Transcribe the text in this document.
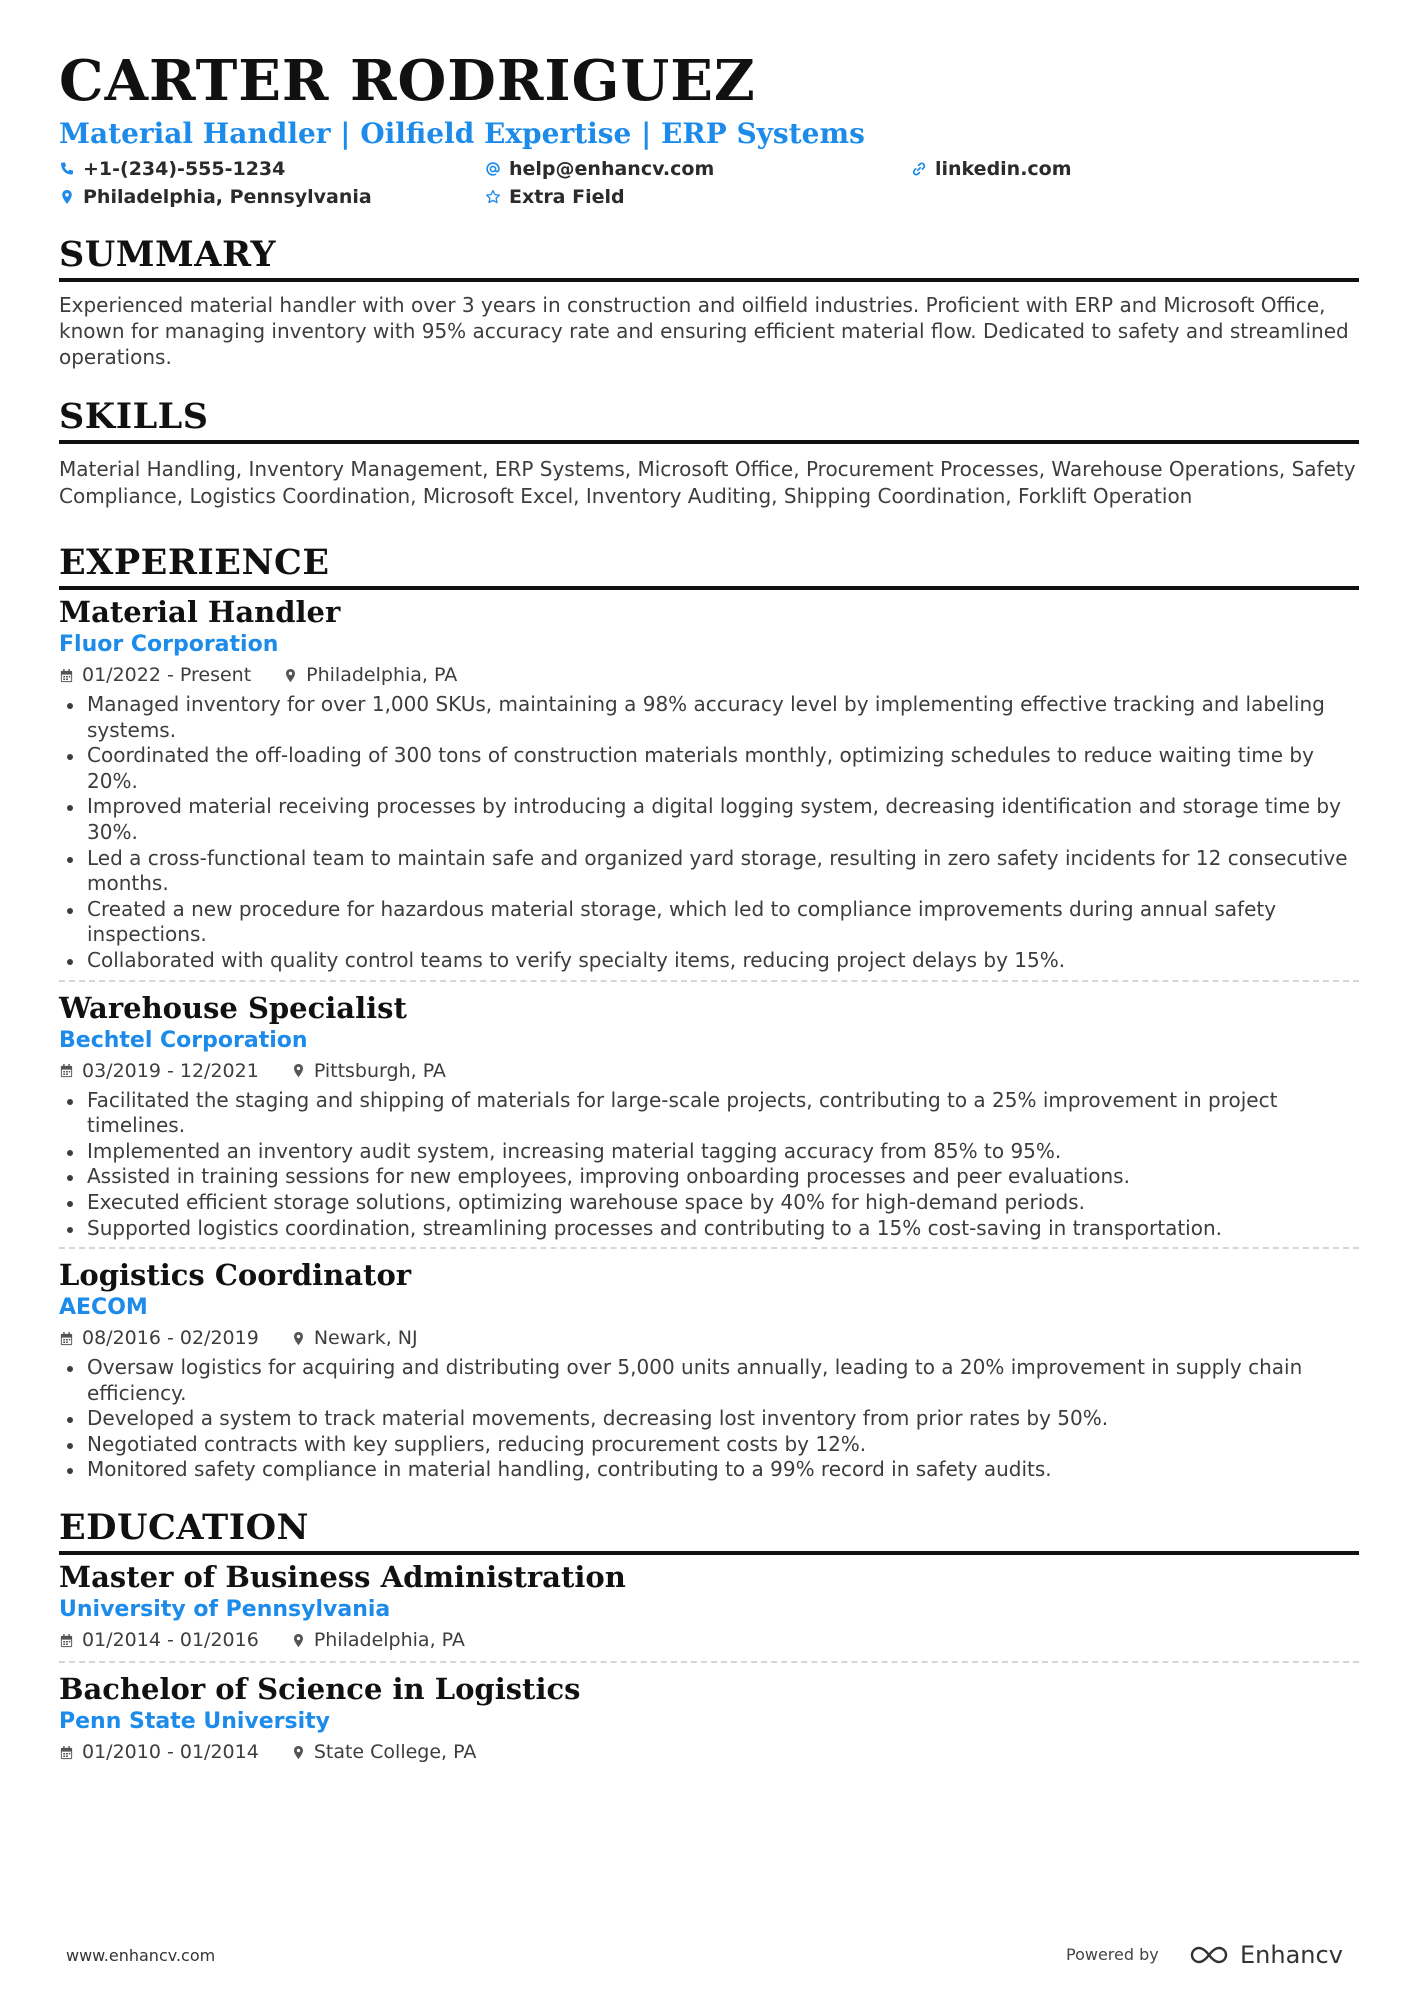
CARTER RODRIGUEZ
Material Handler | Oilfield Expertise | ERP Systems
+1-(234)-555-1234	help@enhancv.com	linkedin.com
Philadelphia, Pennsylvania	Extra Field
SUMMARY

Experienced material handler with over 3 years in construction and oilfield industries. Proficient with ERP and Microsoft Office, known for managing inventory with 95% accuracy rate and ensuring efficient material flow. Dedicated to safety and streamlined operations.

SKILLS

Material Handling, Inventory Management, ERP Systems, Microsoft Office, Procurement Processes, Warehouse Operations, Safety Compliance, Logistics Coordination, Microsoft Excel, Inventory Auditing, Shipping Coordination, Forklift Operation

EXPERIENCE
Material Handler
Fluor Corporation
01/2022 - Present	Philadelphia, PA
Managed inventory for over 1,000 SKUs, maintaining a 98% accuracy level by implementing effective tracking and labeling systems.
Coordinated the off-loading of 300 tons of construction materials monthly, optimizing schedules to reduce waiting time by 20%.
Improved material receiving processes by introducing a digital logging system, decreasing identification and storage time by 30%.
Led a cross-functional team to maintain safe and organized yard storage, resulting in zero safety incidents for 12 consecutive months.
Created a new procedure for hazardous material storage, which led to compliance improvements during annual safety inspections.
Collaborated with quality control teams to verify specialty items, reducing project delays by 15%.
Warehouse Specialist
Bechtel Corporation
03/2019 - 12/2021	Pittsburgh, PA
Facilitated the staging and shipping of materials for large-scale projects, contributing to a 25% improvement in project timelines.
Implemented an inventory audit system, increasing material tagging accuracy from 85% to 95%.
Assisted in training sessions for new employees, improving onboarding processes and peer evaluations.
Executed efficient storage solutions, optimizing warehouse space by 40% for high-demand periods.
Supported logistics coordination, streamlining processes and contributing to a 15% cost-saving in transportation.
Logistics Coordinator
AECOM
08/2016 - 02/2019	Newark, NJ
Oversaw logistics for acquiring and distributing over 5,000 units annually, leading to a 20% improvement in supply chain efficiency.
Developed a system to track material movements, decreasing lost inventory from prior rates by 50%.
Negotiated contracts with key suppliers, reducing procurement costs by 12%.
Monitored safety compliance in material handling, contributing to a 99% record in safety audits.
EDUCATION
Master of Business Administration
University of Pennsylvania
01/2014 - 01/2016	Philadelphia, PA
Bachelor of Science in Logistics
Penn State University
01/2010 - 01/2014	State College, PA
www.enhancv.com	Powered by	Enhancv
